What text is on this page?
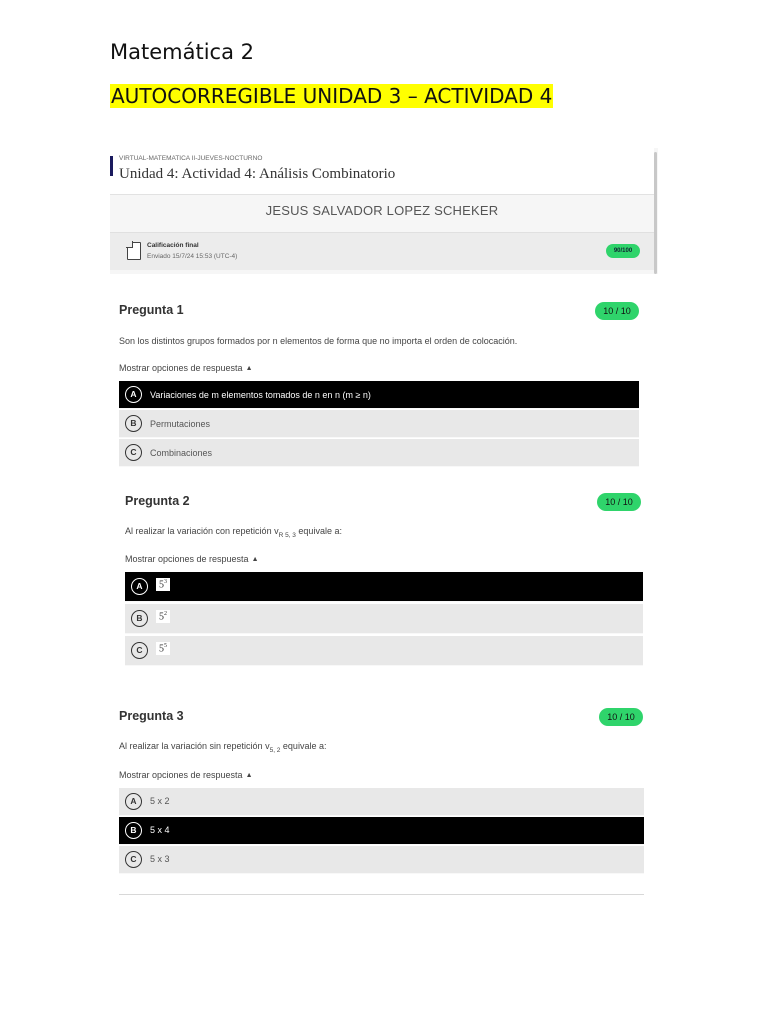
Matemática 2
AUTOCORREGIBLE UNIDAD 3 – ACTIVIDAD 4
VIRTUAL-MATEMATICA II-JUEVES-NOCTURNO
Unidad 4: Actividad 4: Análisis Combinatorio
JESUS SALVADOR LOPEZ SCHEKER
Calificación final
Enviado 15/7/24 15:53 (UTC-4)
90/100
Pregunta 1	10 / 10
Son los distintos grupos formados por n elementos de forma que no importa el orden de colocación.
Mostrar opciones de respuesta ▲
A	Variaciones de m elementos tomados de n en n (m ≥ n)
B	Permutaciones
C	Combinaciones
Pregunta 2	10 / 10
Al realizar la variación con repetición $v_{R 5, 3}$ equivale a:
Mostrar opciones de respuesta ▲
A	$5^3$
B	$5^2$
C	$5^5$
Pregunta 3	10 / 10
Al realizar la variación sin repetición $v_{5, 2}$ equivale a:
Mostrar opciones de respuesta ▲
A	5 x 2
B	5 x 4
C	5 x 3
